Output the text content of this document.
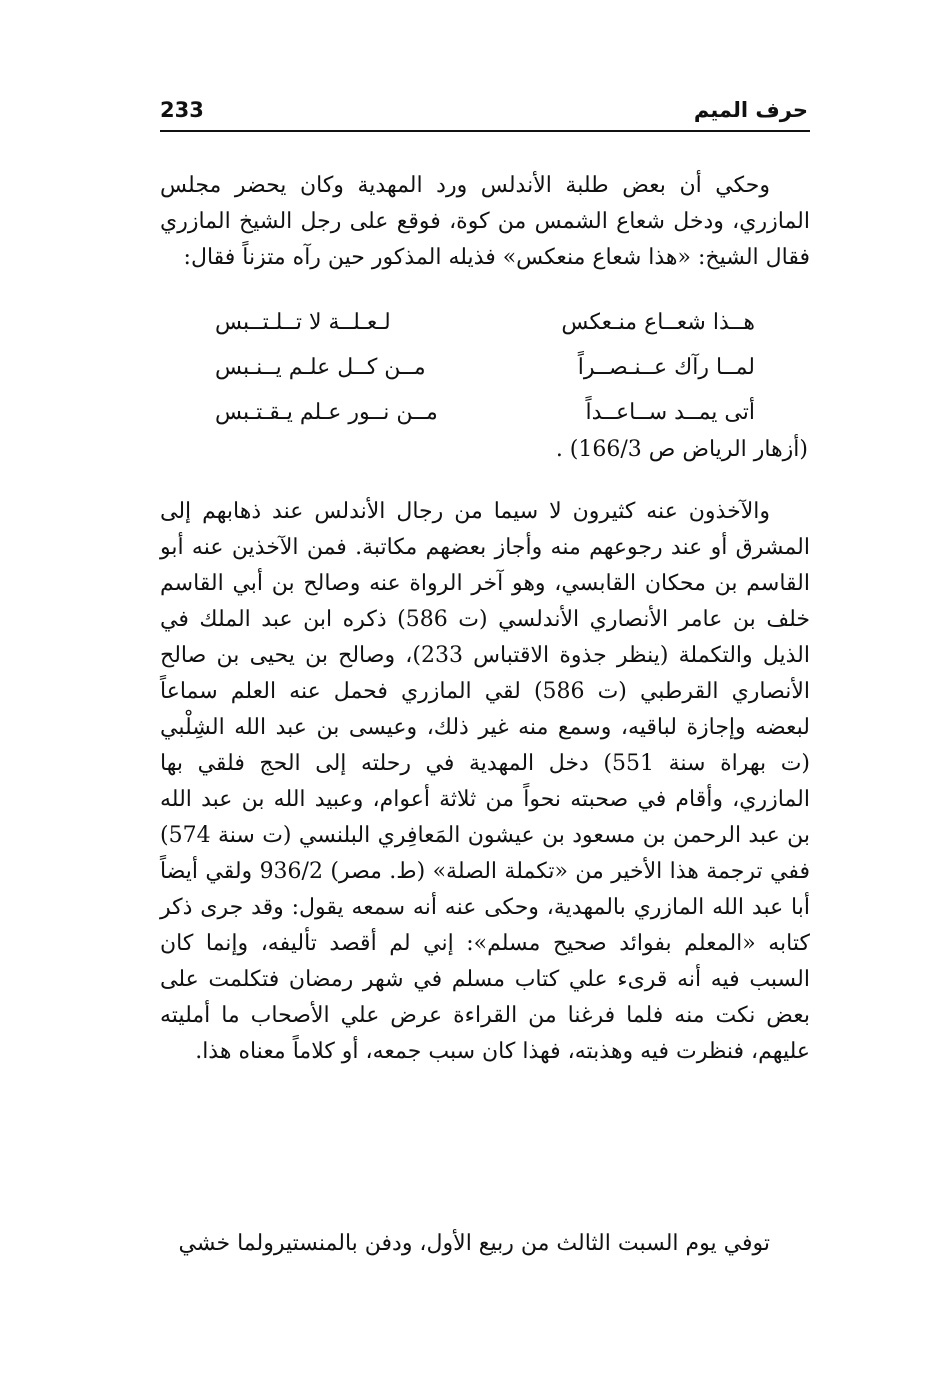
حرف الميم
233
وحكي أن بعض طلبة الأندلس ورد المهدية وكان يحضر مجلس المازري، ودخل شعاع الشمس من كوة، فوقع على رجل الشيخ المازري فقال الشيخ: «هذا شعاع منعكس» فذيله المذكور حين رآه متزناً فقال:
هــذا شعــاع منـعكس
لـعـلــة لا تــلـتــبس
لمــا رآك عــنـصــراً
مــن كــل علـم يــنـبس
أتى يمــد ســاعــداً
مــن نــور عـلم يـقـتـبس
(أزهار الرياض ص 166/3) .
والآخذون عنه كثيرون لا سيما من رجال الأندلس عند ذهابهم إلى المشرق أو عند رجوعهم منه وأجاز بعضهم مكاتبة. فمن الآخذين عنه أبو القاسم بن محكان القابسي، وهو آخر الرواة عنه وصالح بن أبي القاسم خلف بن عامر الأنصاري الأندلسي (ت 586) ذكره ابن عبد الملك في الذيل والتكملة (ينظر جذوة الاقتباس 233)، وصالح بن يحيى بن صالح الأنصاري القرطبي (ت 586) لقي المازري فحمل عنه العلم سماعاً لبعضه وإجازة لباقيه، وسمع منه غير ذلك، وعيسى بن عبد الله الشِلْبي (ت بهراة سنة 551) دخل المهدية في رحلته إلى الحج فلقي بها المازري، وأقام في صحبته نحواً من ثلاثة أعوام، وعبيد الله بن عبد الله بن عبد الرحمن بن مسعود بن عيشون المَعافِري البلنسي (ت سنة 574) ففي ترجمة هذا الأخير من «تكملة الصلة» (ط. مصر) 936/2 ولقي أيضاً أبا عبد الله المازري بالمهدية، وحكى عنه أنه سمعه يقول: وقد جرى ذكر كتابه «المعلم بفوائد صحيح مسلم»: إني لم أقصد تأليفه، وإنما كان السبب فيه أنه قرىء علي كتاب مسلم في شهر رمضان فتكلمت على بعض نكت منه فلما فرغنا من القراءة عرض علي الأصحاب ما أمليته عليهم، فنظرت فيه وهذبته، فهذا كان سبب جمعه، أو كلاماً معناه هذا.
توفي يوم السبت الثالث من ربيع الأول، ودفن بالمنستيرولما خشي
